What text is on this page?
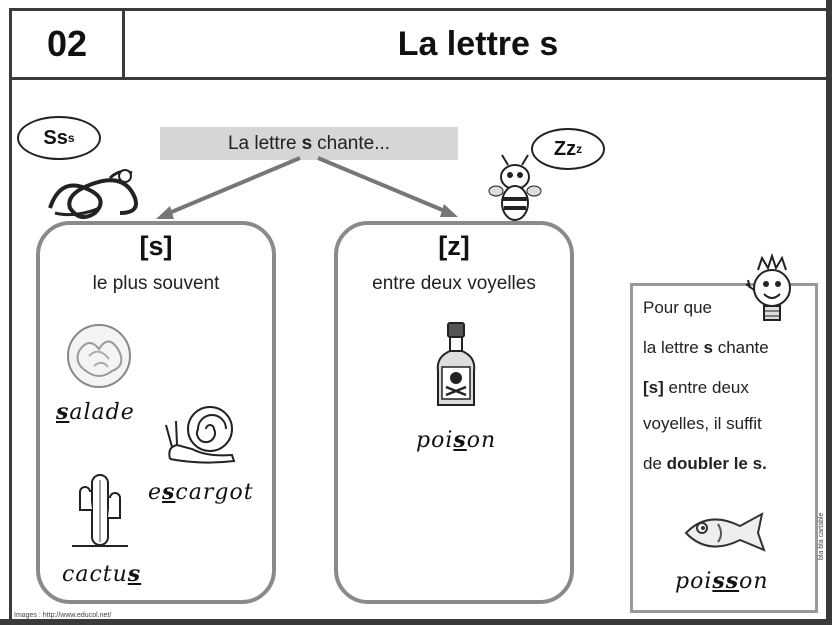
02	La lettre s
Ss s	La lettre s chante...	Zz z
[s]
le plus souvent
salade
escargot
cactus
[z]
entre deux voyelles
poison
Pour que
la lettre s chante
[s] entre deux
voyelles, il suffit
de doubler le s.
poisson
Images : http://www.educol.net/
bla bla cartable
